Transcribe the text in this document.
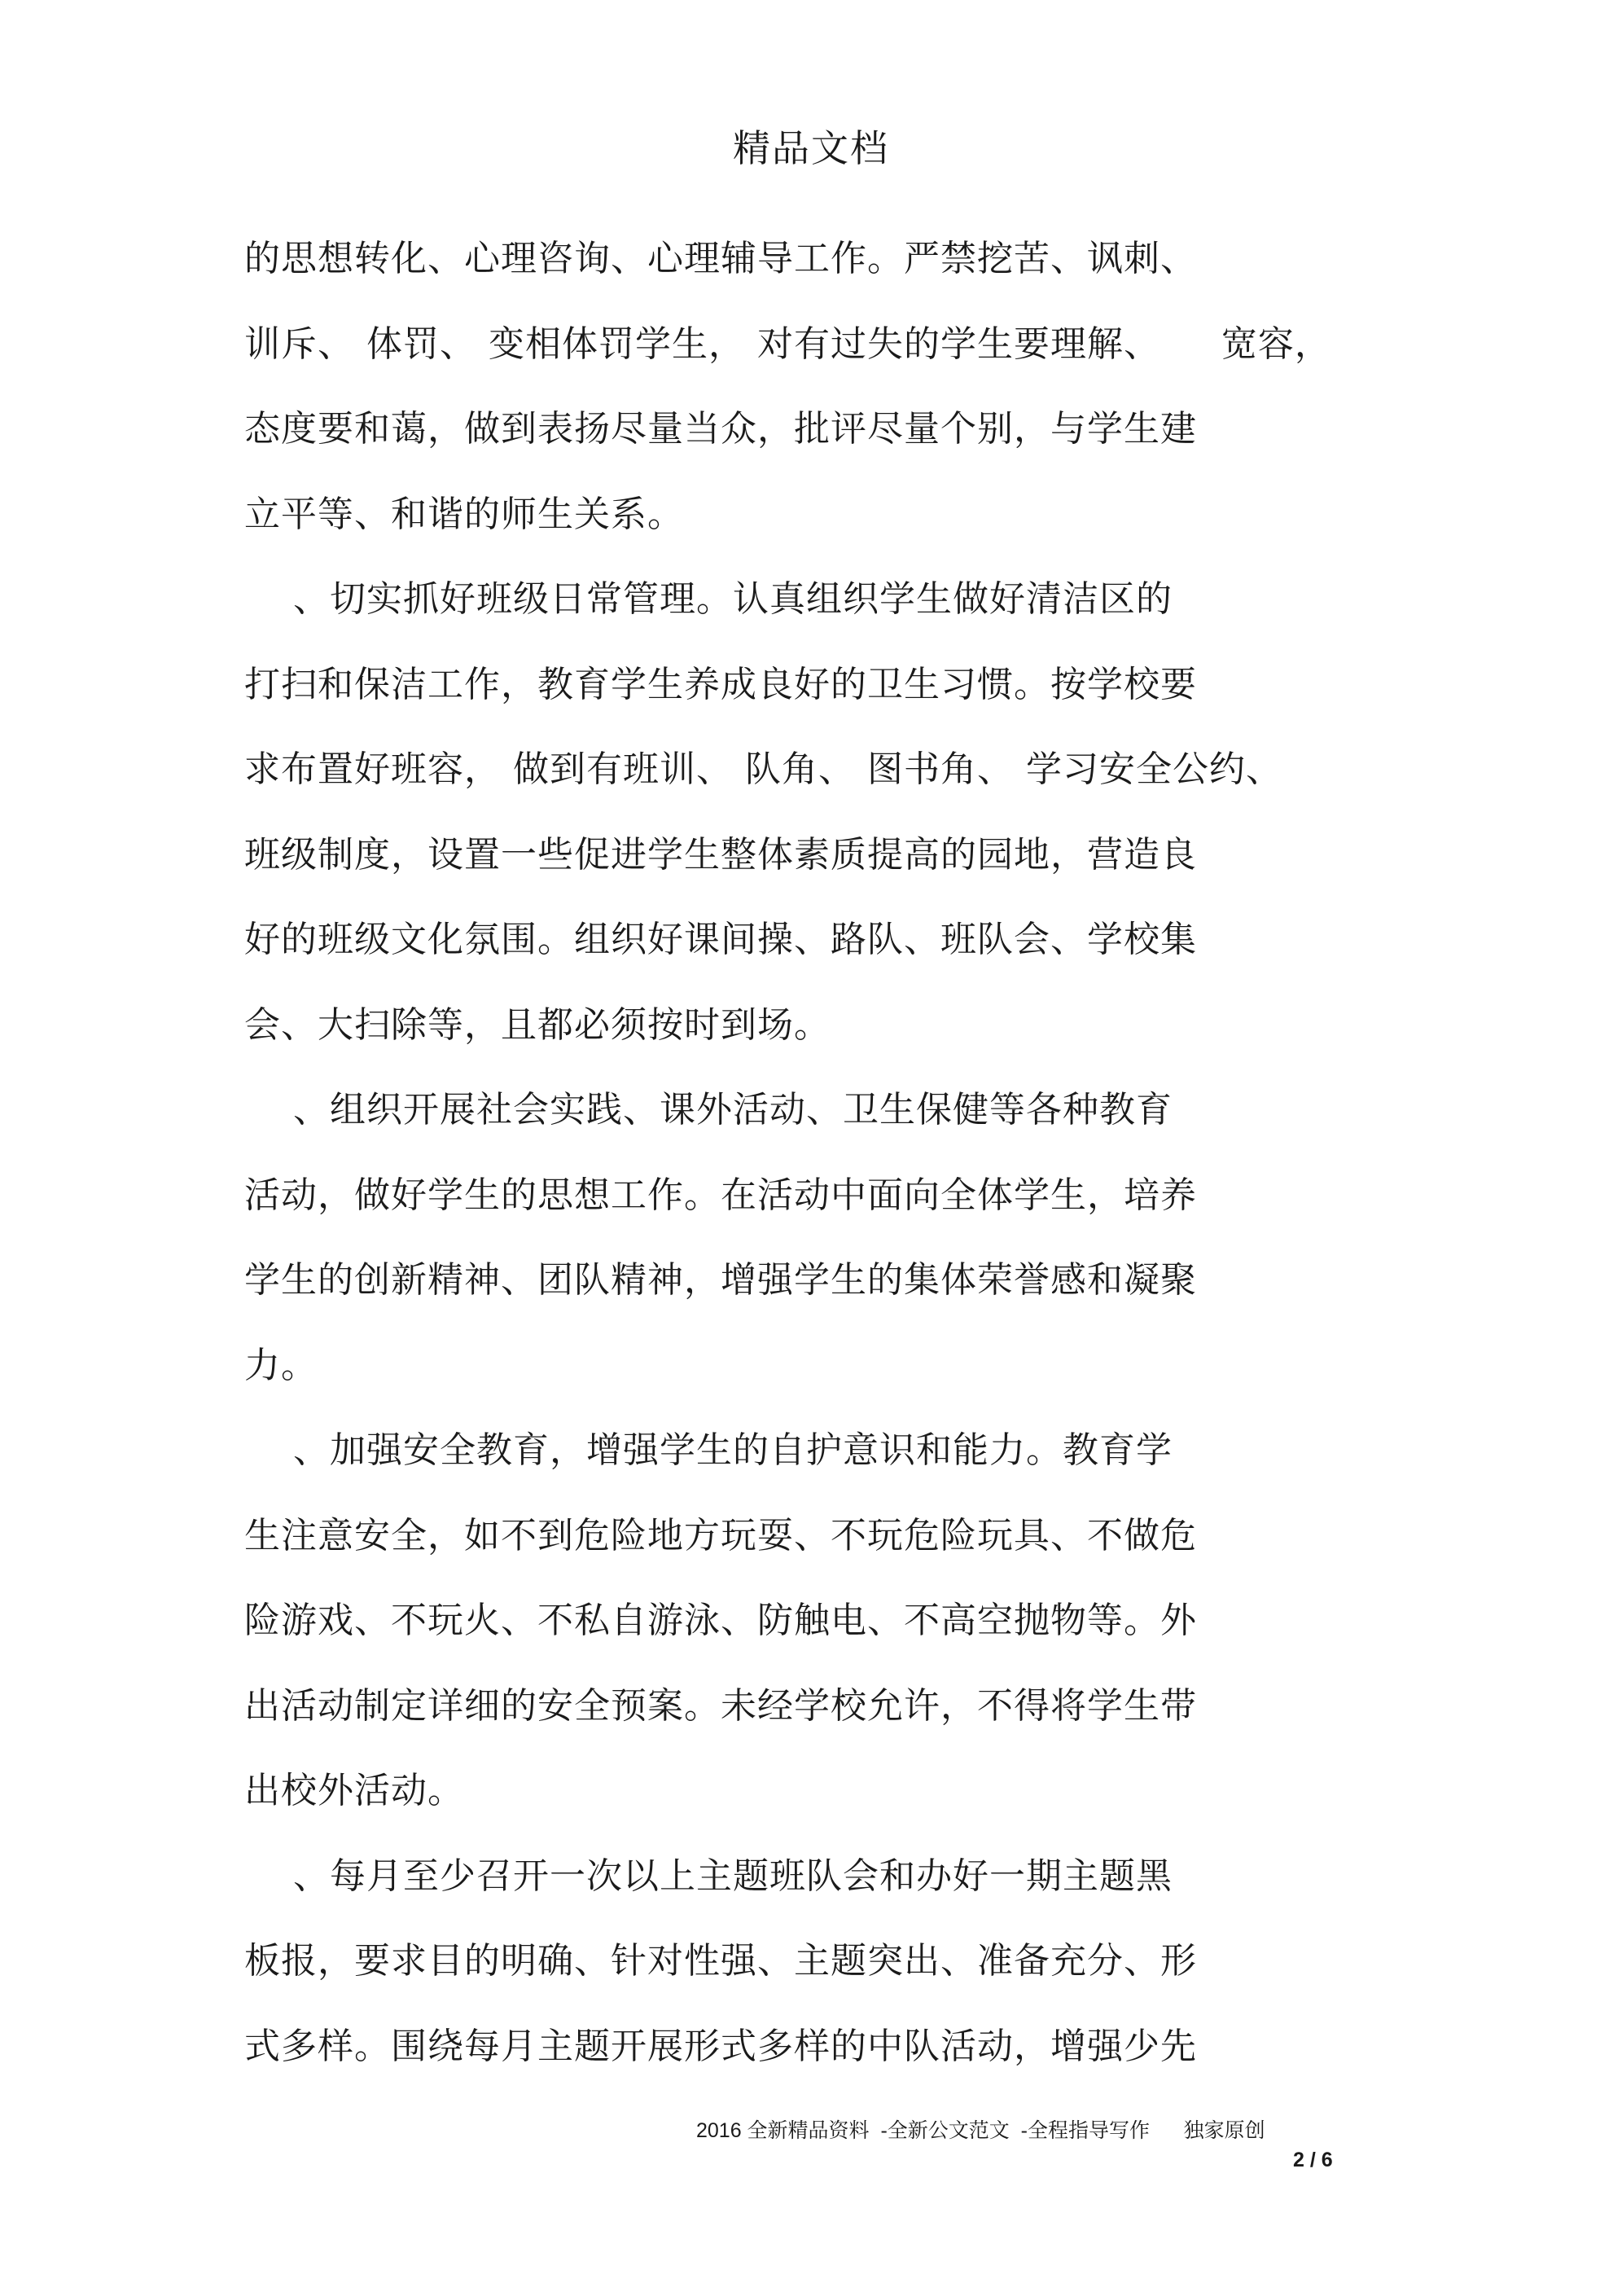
精品文档
的思想转化、心理咨询、心理辅导工作。严禁挖苦、讽刺、
训斥、 体罚、 变相体罚学生， 对有过失的学生要理解、     宽容，
态度要和蔼，做到表扬尽量当众，批评尽量个别，与学生建
立平等、和谐的师生关系。
、切实抓好班级日常管理。认真组织学生做好清洁区的
打扫和保洁工作，教育学生养成良好的卫生习惯。按学校要
求布置好班容， 做到有班训、 队角、 图书角、 学习安全公约、
班级制度，设置一些促进学生整体素质提高的园地，营造良
好的班级文化氛围。组织好课间操、路队、班队会、学校集
会、大扫除等，且都必须按时到场。
、组织开展社会实践、课外活动、卫生保健等各种教育
活动，做好学生的思想工作。在活动中面向全体学生，培养
学生的创新精神、团队精神，增强学生的集体荣誉感和凝聚
力。
、加强安全教育，增强学生的自护意识和能力。教育学
生注意安全，如不到危险地方玩耍、不玩危险玩具、不做危
险游戏、不玩火、不私自游泳、防触电、不高空抛物等。外
出活动制定详细的安全预案。未经学校允许，不得将学生带
出校外活动。
、每月至少召开一次以上主题班队会和办好一期主题黑
板报，要求目的明确、针对性强、主题突出、准备充分、形
式多样。围绕每月主题开展形式多样的中队活动，增强少先
2016 全新精品资料  -全新公文范文  -全程指导写作      独家原创
2 / 6
